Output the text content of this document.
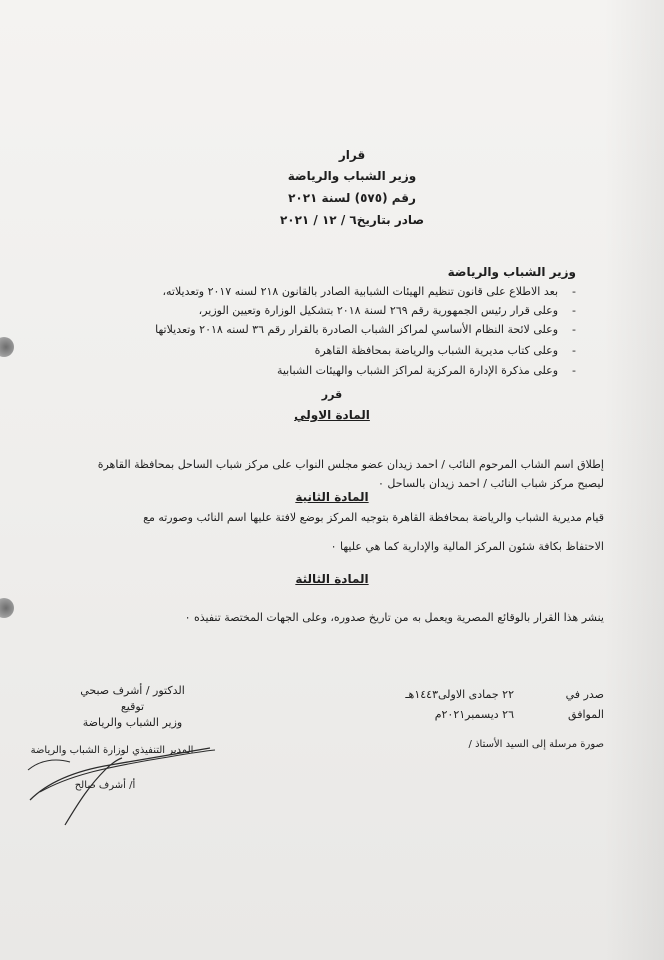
قرار
وزير الشباب والرياضة
رقم (٥٧٥) لسنة ٢٠٢١
صادر بتاريخ٦ / ١٢ / ٢٠٢١
وزير الشباب والرياضة
-بعد الاطلاع على قانون تنظيم الهيئات الشبابية الصادر بالقانون ٢١٨ لسنه ٢٠١٧ وتعديلاته،
-وعلى قرار رئيس الجمهورية رقم ٢٦٩ لسنة ٢٠١٨ بتشكيل الوزارة وتعيين الوزير،
-وعلى لائحة النظام الأساسي لمراكز الشباب الصادرة بالقرار رقم ٣٦ لسنه ٢٠١٨ وتعديلاتها
-وعلى كتاب مديرية الشباب والرياضة بمحافظة القاهرة
-وعلى مذكرة الإدارة المركزية لمراكز الشباب والهيئات الشبابية
قرر
المادة الاولي
إطلاق اسم الشاب المرحوم النائب / احمد زيدان عضو مجلس النواب على مركز شباب الساحل بمحافظة القاهرة
ليصبح مركز شباب النائب / احمد زيدان بالساحل ٠
المادة الثانية
قيام مديرية الشباب والرياضة بمحافظة القاهرة بتوجيه المركز بوضع لافتة عليها اسم النائب وصورته مع
الاحتفاظ بكافة شئون المركز المالية والإدارية كما هي عليها ٠
المادة الثالثة
ينشر هذا القرار بالوقائع المصرية ويعمل به من تاريخ صدوره، وعلى الجهات المختصة تنفيذه ٠
صدر في
٢٢ جمادى الاولى١٤٤٣هـ
الموافق
٢٦ ديسمبر٢٠٢١م
الدكتور / أشرف صبحي
توقيع
وزير الشباب والرياضة
صورة مرسلة إلى السيد الأستاذ /
المدير التنفيذي لوزارة الشباب والرياضة
أ/ أشرف صالح
